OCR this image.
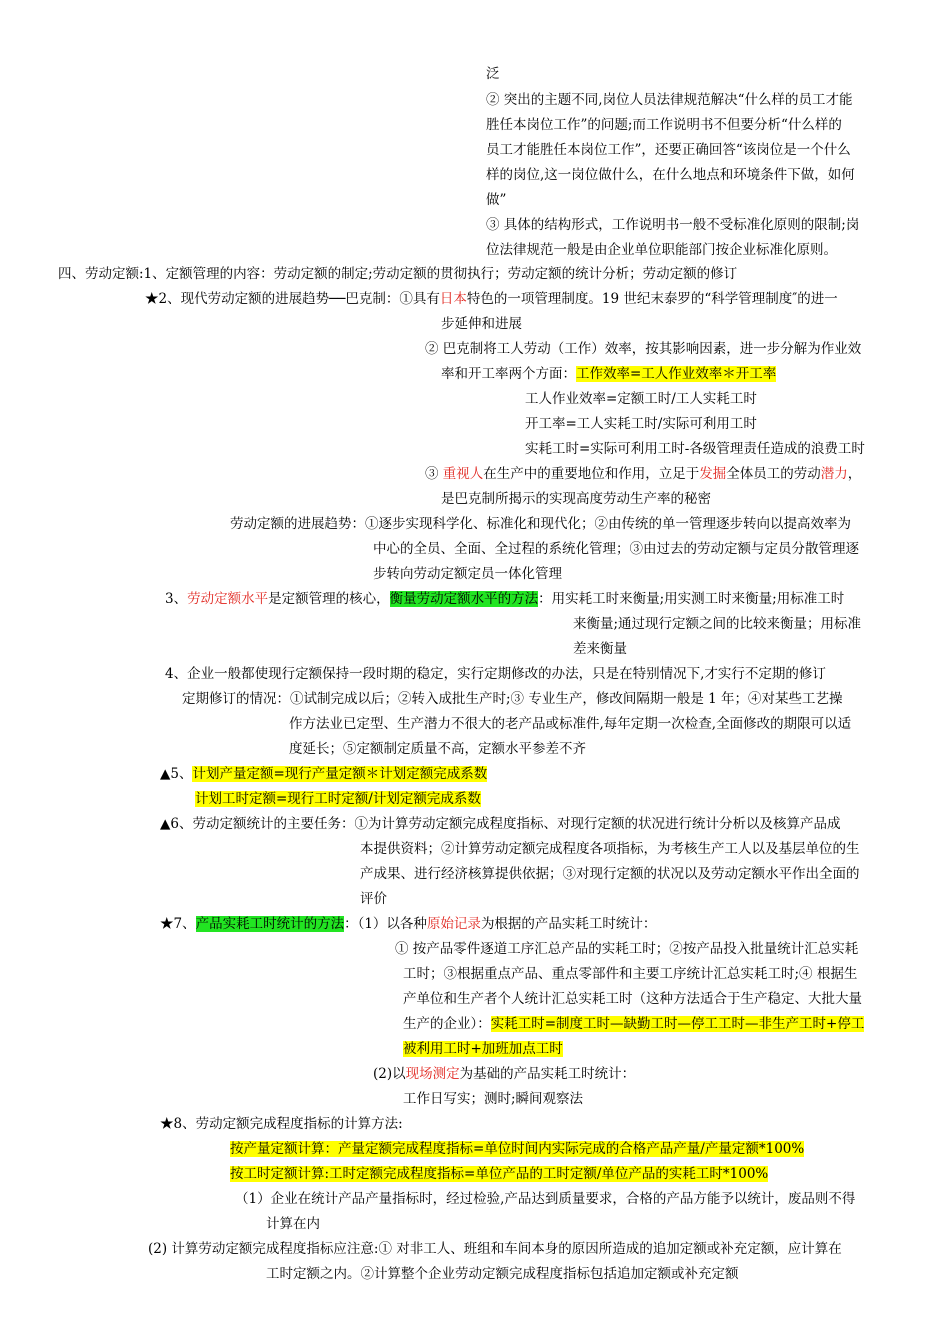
泛
② 突出的主题不同,岗位人员法律规范解决“什么样的员工才能
胜任本岗位工作”的问题;而工作说明书不但要分析“什么样的
员工才能胜任本岗位工作”，还要正确回答“该岗位是一个什么
样的岗位,这一岗位做什么，在什么地点和环境条件下做，如何
做”
③ 具体的结构形式，工作说明书一般不受标准化原则的限制;岗
位法律规范一般是由企业单位职能部门按企业标准化原则。
四、劳动定额:1、定额管理的内容：劳动定额的制定;劳动定额的贯彻执行；劳动定额的统计分析；劳动定额的修订
★2、现代劳动定额的进展趋势──巴克制：①具有日本特色的一项管理制度。19 世纪末泰罗的“科学管理制度″的进一
步延伸和进展
② 巴克制将工人劳动（工作）效率，按其影响因素，进一步分解为作业效
率和开工率两个方面：工作效率=工人作业效率＊开工率
工人作业效率=定额工时/工人实耗工时
开工率=工人实耗工时/实际可利用工时
实耗工时=实际可利用工时-各级管理责任造成的浪费工时
③ 重视人在生产中的重要地位和作用，立足于发掘全体员工的劳动潜力，
是巴克制所揭示的实现高度劳动生产率的秘密
劳动定额的进展趋势：①逐步实现科学化、标准化和现代化；②由传统的单一管理逐步转向以提高效率为
中心的全员、全面、全过程的系统化管理；③由过去的劳动定额与定员分散管理逐
步转向劳动定额定员一体化管理
3、劳动定额水平是定额管理的核心，衡量劳动定额水平的方法：用实耗工时来衡量;用实测工时来衡量;用标准工时
来衡量;通过现行定额之间的比较来衡量；用标准
差来衡量
4、企业一般都使现行定额保持一段时期的稳定，实行定期修改的办法，只是在特别情况下,才实行不定期的修订
定期修订的情况：①试制完成以后；②转入成批生产时;③ 专业生产，修改间隔期一般是 1 年；④对某些工艺操
作方法业已定型、生产潜力不很大的老产品或标准件,每年定期一次检查,全面修改的期限可以适
度延长；⑤定额制定质量不高，定额水平参差不齐
▲5、计划产量定额=现行产量定额＊计划定额完成系数
计划工时定额=现行工时定额/计划定额完成系数
▲6、劳动定额统计的主要任务：①为计算劳动定额完成程度指标、对现行定额的状况进行统计分析以及核算产品成
本提供资料；②计算劳动定额完成程度各项指标，为考核生产工人以及基层单位的生
产成果、进行经济核算提供依据；③对现行定额的状况以及劳动定额水平作出全面的
评价
★7、产品实耗工时统计的方法：（1）以各种原始记录为根据的产品实耗工时统计：
① 按产品零件逐道工序汇总产品的实耗工时；②按产品投入批量统计汇总实耗
工时；③根据重点产品、重点零部件和主要工序统计汇总实耗工时;④ 根据生
产单位和生产者个人统计汇总实耗工时（这种方法适合于生产稳定、大批大量
生产的企业）：实耗工时=制度工时—缺勤工时—停工工时—非生产工时+停工
被利用工时+加班加点工时
(2)以现场测定为基础的产品实耗工时统计：
工作日写实；测时;瞬间观察法
★8、劳动定额完成程度指标的计算方法:
按产量定额计算：产量定额完成程度指标=单位时间内实际完成的合格产品产量/产量定额*100%
按工时定额计算:工时定额完成程度指标=单位产品的工时定额/单位产品的实耗工时*100%
（1）企业在统计产品产量指标时，经过检验,产品达到质量要求，合格的产品方能予以统计，废品则不得
计算在内
(2) 计算劳动定额完成程度指标应注意:① 对非工人、班组和车间本身的原因所造成的追加定额或补充定额，应计算在
工时定额之内。②计算整个企业劳动定额完成程度指标包括追加定额或补充定额
